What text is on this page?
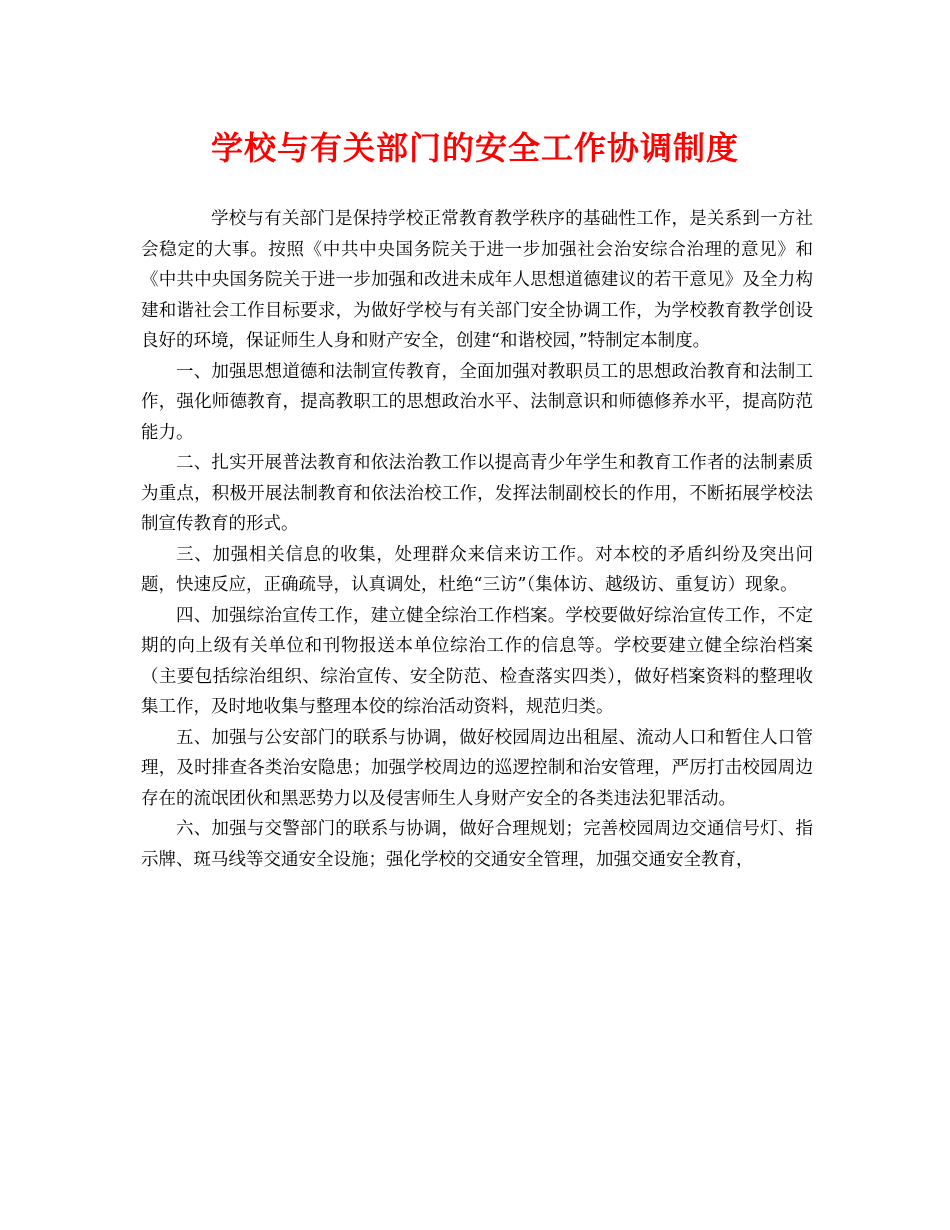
学校与有关部门的安全工作协调制度

学校与有关部门是保持学校正常教育教学秩序的基础性工作，是关系到一方社会稳定的大事。按照《中共中央国务院关于进一步加强社会治安综合治理的意见》和《中共中央国务院关于进一步加强和改进未成年人思想道德建议的若干意见》及全力构建和谐社会工作目标要求，为做好学校与有关部门安全协调工作，为学校教育教学创设良好的环境，保证师生人身和财产安全，创建“和谐校园，”特制定本制度。

一、加强思想道德和法制宣传教育，全面加强对教职员工的思想政治教育和法制工作，强化师德教育，提高教职工的思想政治水平、法制意识和师德修养水平，提高防范能力。

二、扎实开展普法教育和依法治教工作以提高青少年学生和教育工作者的法制素质为重点，积极开展法制教育和依法治校工作，发挥法制副校长的作用，不断拓展学校法制宣传教育的形式。

三、加强相关信息的收集，处理群众来信来访工作。对本校的矛盾纠纷及突出问题，快速反应，正确疏导，认真调处，杜绝“三访”（集体访、越级访、重复访）现象。

四、加强综治宣传工作，建立健全综治工作档案。学校要做好综治宣传工作，不定期的向上级有关单位和刊物报送本单位综治工作的信息等。学校要建立健全综治档案（主要包括综治组织、综治宣传、安全防范、检查落实四类），做好档案资料的整理收集工作，及时地收集与整理本佼的综治活动资料，规范归类。

五、加强与公安部门的联系与协调，做好校园周边出租屋、流动人口和暂住人口管理，及时排查各类治安隐患；加强学校周边的巡逻控制和治安管理，严厉打击校园周边存在的流氓团伙和黑恶势力以及侵害师生人身财产安全的各类违法犯罪活动。

六、加强与交警部门的联系与协调，做好合理规划；完善校园周边交通信号灯、指示牌、斑马线等交通安全设施；强化学校的交通安全管理，加强交通安全教育，
